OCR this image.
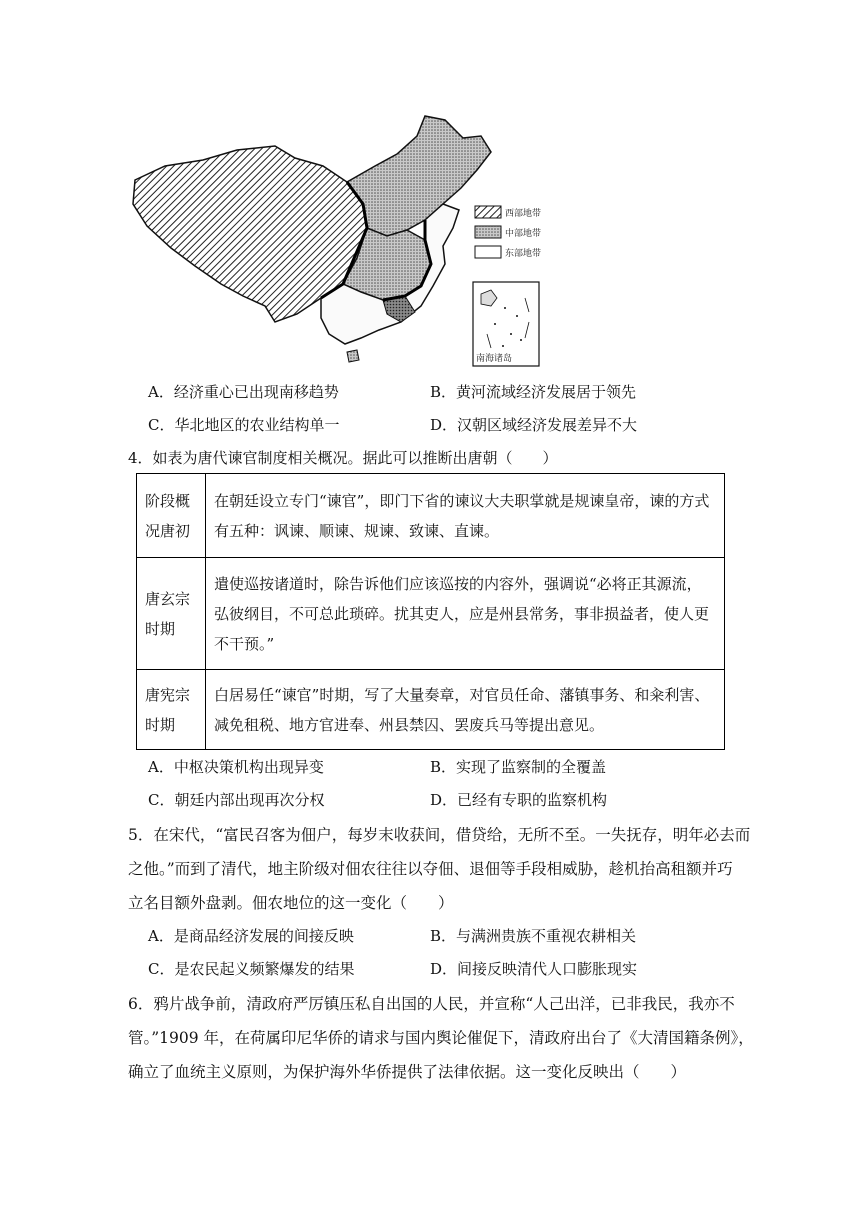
西部地带
中部地带
东部地带
南海诸岛
A．经济重心已出现南移趋势	B．黄河流域经济发展居于领先
C．华北地区的农业结构单一	D．汉朝区域经济发展差异不大
4．如表为唐代谏官制度相关概况。据此可以推断出唐朝（　　）
阶段概
况唐初	在朝廷设立专门“谏官”，即门下省的谏议大夫职掌就是规谏皇帝，谏的方式有五种：讽谏、顺谏、规谏、致谏、直谏。
唐玄宗
时期	遣使巡按诸道时，除告诉他们应该巡按的内容外，强调说“必将正其源流，弘彼纲目，不可总此琐碎。扰其吏人，应是州县常务，事非损益者，使人更不干预。”
唐宪宗
时期	白居易任“谏官”时期，写了大量奏章，对官员任命、藩镇事务、和籴利害、减免租税、地方官进奉、州县禁囚、罢废兵马等提出意见。
A．中枢决策机构出现异变	B．实现了监察制的全覆盖
C．朝廷内部出现再次分权	D．已经有专职的监察机构

5．在宋代，“富民召客为佃户，每岁末收获间，借贷给，无所不至。一失抚存，明年必去而

之他。”而到了清代，地主阶级对佃农往往以夺佃、退佃等手段相威胁，趁机抬高租额并巧

立名目额外盘剥。佃农地位的这一变化（　　）

A．是商品经济发展的间接反映	B．与满洲贵族不重视农耕相关
C．是农民起义频繁爆发的结果	D．间接反映清代人口膨胀现实

6．鸦片战争前，清政府严厉镇压私自出国的人民，并宣称“人己出洋，已非我民，我亦不

管。”1909 年，在荷属印尼华侨的请求与国内舆论催促下，清政府出台了《大清国籍条例》，

确立了血统主义原则，为保护海外华侨提供了法律依据。这一变化反映出（　　）
